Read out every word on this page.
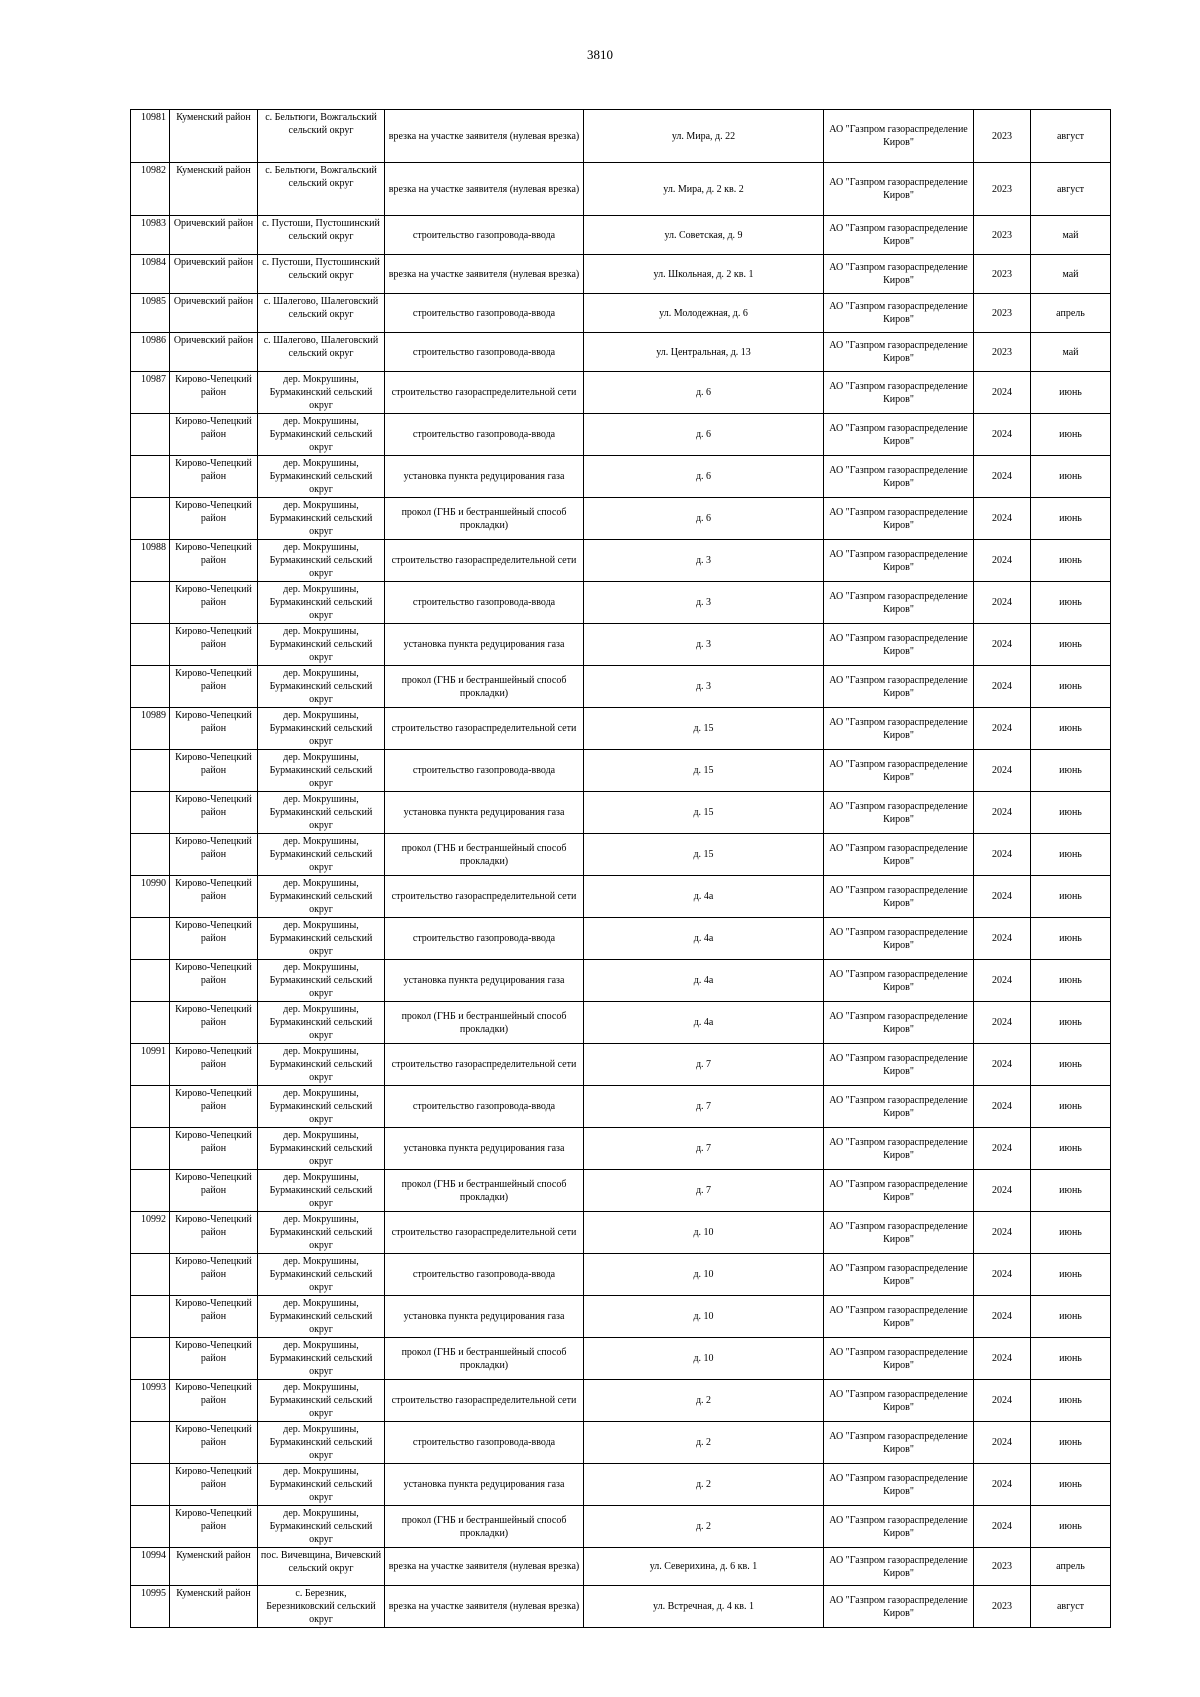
3810
10981	Куменский район	с. Бельтюги, Вожгальский сельский округ	врезка на участке заявителя (нулевая врезка)	ул. Мира, д. 22	АО "Газпром газораспределение Киров"	2023	август

10982	Куменский район	с. Бельтюги, Вожгальский сельский округ	врезка на участке заявителя (нулевая врезка)	ул. Мира, д. 2 кв. 2	АО "Газпром газораспределение Киров"	2023	август

10983	Оричевский район	с. Пустоши, Пустошинский сельский округ	строительство газопровода-ввода	ул. Советская, д. 9	АО "Газпром газораспределение Киров"	2023	май

10984	Оричевский район	с. Пустоши, Пустошинский сельский округ	врезка на участке заявителя (нулевая врезка)	ул. Школьная, д. 2 кв. 1	АО "Газпром газораспределение Киров"	2023	май

10985	Оричевский район	с. Шалегово, Шалеговский сельский округ	строительство газопровода-ввода	ул. Молодежная, д. 6	АО "Газпром газораспределение Киров"	2023	апрель

10986	Оричевский район	с. Шалегово, Шалеговский сельский округ	строительство газопровода-ввода	ул. Центральная, д. 13	АО "Газпром газораспределение Киров"	2023	май

10987	Кирово-Чепецкий район	дер. Мокрушины, Бурмакинский сельский округ	строительство газораспределительной сети	д. 6	АО "Газпром газораспределение Киров"	2024	июнь

	Кирово-Чепецкий район	дер. Мокрушины, Бурмакинский сельский округ	строительство газопровода-ввода	д. 6	АО "Газпром газораспределение Киров"	2024	июнь

	Кирово-Чепецкий район	дер. Мокрушины, Бурмакинский сельский округ	установка пункта редуцирования газа	д. 6	АО "Газпром газораспределение Киров"	2024	июнь

	Кирово-Чепецкий район	дер. Мокрушины, Бурмакинский сельский округ	прокол (ГНБ и бестраншейный способ прокладки)	д. 6	АО "Газпром газораспределение Киров"	2024	июнь

10988	Кирово-Чепецкий район	дер. Мокрушины, Бурмакинский сельский округ	строительство газораспределительной сети	д. 3	АО "Газпром газораспределение Киров"	2024	июнь

	Кирово-Чепецкий район	дер. Мокрушины, Бурмакинский сельский округ	строительство газопровода-ввода	д. 3	АО "Газпром газораспределение Киров"	2024	июнь

	Кирово-Чепецкий район	дер. Мокрушины, Бурмакинский сельский округ	установка пункта редуцирования газа	д. 3	АО "Газпром газораспределение Киров"	2024	июнь

	Кирово-Чепецкий район	дер. Мокрушины, Бурмакинский сельский округ	прокол (ГНБ и бестраншейный способ прокладки)	д. 3	АО "Газпром газораспределение Киров"	2024	июнь

10989	Кирово-Чепецкий район	дер. Мокрушины, Бурмакинский сельский округ	строительство газораспределительной сети	д. 15	АО "Газпром газораспределение Киров"	2024	июнь

	Кирово-Чепецкий район	дер. Мокрушины, Бурмакинский сельский округ	строительство газопровода-ввода	д. 15	АО "Газпром газораспределение Киров"	2024	июнь

	Кирово-Чепецкий район	дер. Мокрушины, Бурмакинский сельский округ	установка пункта редуцирования газа	д. 15	АО "Газпром газораспределение Киров"	2024	июнь

	Кирово-Чепецкий район	дер. Мокрушины, Бурмакинский сельский округ	прокол (ГНБ и бестраншейный способ прокладки)	д. 15	АО "Газпром газораспределение Киров"	2024	июнь

10990	Кирово-Чепецкий район	дер. Мокрушины, Бурмакинский сельский округ	строительство газораспределительной сети	д. 4а	АО "Газпром газораспределение Киров"	2024	июнь

	Кирово-Чепецкий район	дер. Мокрушины, Бурмакинский сельский округ	строительство газопровода-ввода	д. 4а	АО "Газпром газораспределение Киров"	2024	июнь

	Кирово-Чепецкий район	дер. Мокрушины, Бурмакинский сельский округ	установка пункта редуцирования газа	д. 4а	АО "Газпром газораспределение Киров"	2024	июнь

	Кирово-Чепецкий район	дер. Мокрушины, Бурмакинский сельский округ	прокол (ГНБ и бестраншейный способ прокладки)	д. 4а	АО "Газпром газораспределение Киров"	2024	июнь

10991	Кирово-Чепецкий район	дер. Мокрушины, Бурмакинский сельский округ	строительство газораспределительной сети	д. 7	АО "Газпром газораспределение Киров"	2024	июнь

	Кирово-Чепецкий район	дер. Мокрушины, Бурмакинский сельский округ	строительство газопровода-ввода	д. 7	АО "Газпром газораспределение Киров"	2024	июнь

	Кирово-Чепецкий район	дер. Мокрушины, Бурмакинский сельский округ	установка пункта редуцирования газа	д. 7	АО "Газпром газораспределение Киров"	2024	июнь

	Кирово-Чепецкий район	дер. Мокрушины, Бурмакинский сельский округ	прокол (ГНБ и бестраншейный способ прокладки)	д. 7	АО "Газпром газораспределение Киров"	2024	июнь

10992	Кирово-Чепецкий район	дер. Мокрушины, Бурмакинский сельский округ	строительство газораспределительной сети	д. 10	АО "Газпром газораспределение Киров"	2024	июнь

	Кирово-Чепецкий район	дер. Мокрушины, Бурмакинский сельский округ	строительство газопровода-ввода	д. 10	АО "Газпром газораспределение Киров"	2024	июнь

	Кирово-Чепецкий район	дер. Мокрушины, Бурмакинский сельский округ	установка пункта редуцирования газа	д. 10	АО "Газпром газораспределение Киров"	2024	июнь

	Кирово-Чепецкий район	дер. Мокрушины, Бурмакинский сельский округ	прокол (ГНБ и бестраншейный способ прокладки)	д. 10	АО "Газпром газораспределение Киров"	2024	июнь

10993	Кирово-Чепецкий район	дер. Мокрушины, Бурмакинский сельский округ	строительство газораспределительной сети	д. 2	АО "Газпром газораспределение Киров"	2024	июнь

	Кирово-Чепецкий район	дер. Мокрушины, Бурмакинский сельский округ	строительство газопровода-ввода	д. 2	АО "Газпром газораспределение Киров"	2024	июнь

	Кирово-Чепецкий район	дер. Мокрушины, Бурмакинский сельский округ	установка пункта редуцирования газа	д. 2	АО "Газпром газораспределение Киров"	2024	июнь

	Кирово-Чепецкий район	дер. Мокрушины, Бурмакинский сельский округ	прокол (ГНБ и бестраншейный способ прокладки)	д. 2	АО "Газпром газораспределение Киров"	2024	июнь

10994	Куменский район	пос. Вичевщина, Вичевский сельский округ	врезка на участке заявителя (нулевая врезка)	ул. Северихина, д. 6 кв. 1	АО "Газпром газораспределение Киров"	2023	апрель

10995	Куменский район	с. Березник, Березниковский сельский округ	врезка на участке заявителя (нулевая врезка)	ул. Встречная, д. 4 кв. 1	АО "Газпром газораспределение Киров"	2023	август
